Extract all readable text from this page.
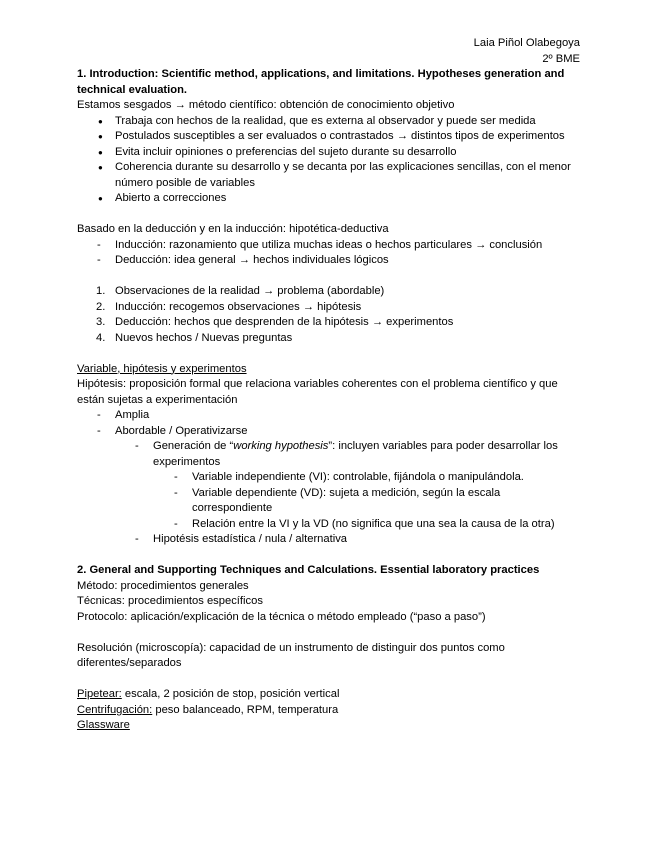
Laia Piñol Olabegoya

2º BME

1. Introduction: Scientific method, applications, and limitations. Hypotheses generation and technical evaluation.

Estamos sesgados → método científico: obtención de conocimiento objetivo

● Trabaja con hechos de la realidad, que es externa al observador y puede ser medida
● Postulados susceptibles a ser evaluados o contrastados → distintos tipos de experimentos
● Evita incluir opiniones o preferencias del sujeto durante su desarrollo
● Coherencia durante su desarrollo y se decanta por las explicaciones sencillas, con el menor número posible de variables
● Abierto a correcciones

Basado en la deducción y en la inducción: hipotética-deductiva

- Inducción: razonamiento que utiliza muchas ideas o hechos particulares → conclusión
- Deducción: idea general → hechos individuales lógicos
1. Observaciones de la realidad → problema (abordable)
2. Inducción: recogemos observaciones → hipótesis
3. Deducción: hechos que desprenden de la hipótesis → experimentos
4. Nuevos hechos / Nuevas preguntas

Variable, hipótesis y experimentos

Hipótesis: proposición formal que relaciona variables coherentes con el problema científico y que están sujetas a experimentación

- Amplia
- Abordable / Operativizarse
- Generación de “working hypothesis”: incluyen variables para poder desarrollar los experimentos
- Variable independiente (VI): controlable, fijándola o manipulándola.
- Variable dependiente (VD): sujeta a medición, según la escala correspondiente
- Relación entre la VI y la VD (no significa que una sea la causa de la otra)
- Hipotésis estadística / nula / alternativa

2. General and Supporting Techniques and Calculations. Essential laboratory practices

Método: procedimientos generales

Técnicas: procedimientos específicos

Protocolo: aplicación/explicación de la técnica o método empleado (“paso a paso”)

Resolución (microscopía): capacidad de un instrumento de distinguir dos puntos como diferentes/separados

Pipetear: escala, 2 posición de stop, posición vertical

Centrifugación: peso balanceado, RPM, temperatura

Glassware
